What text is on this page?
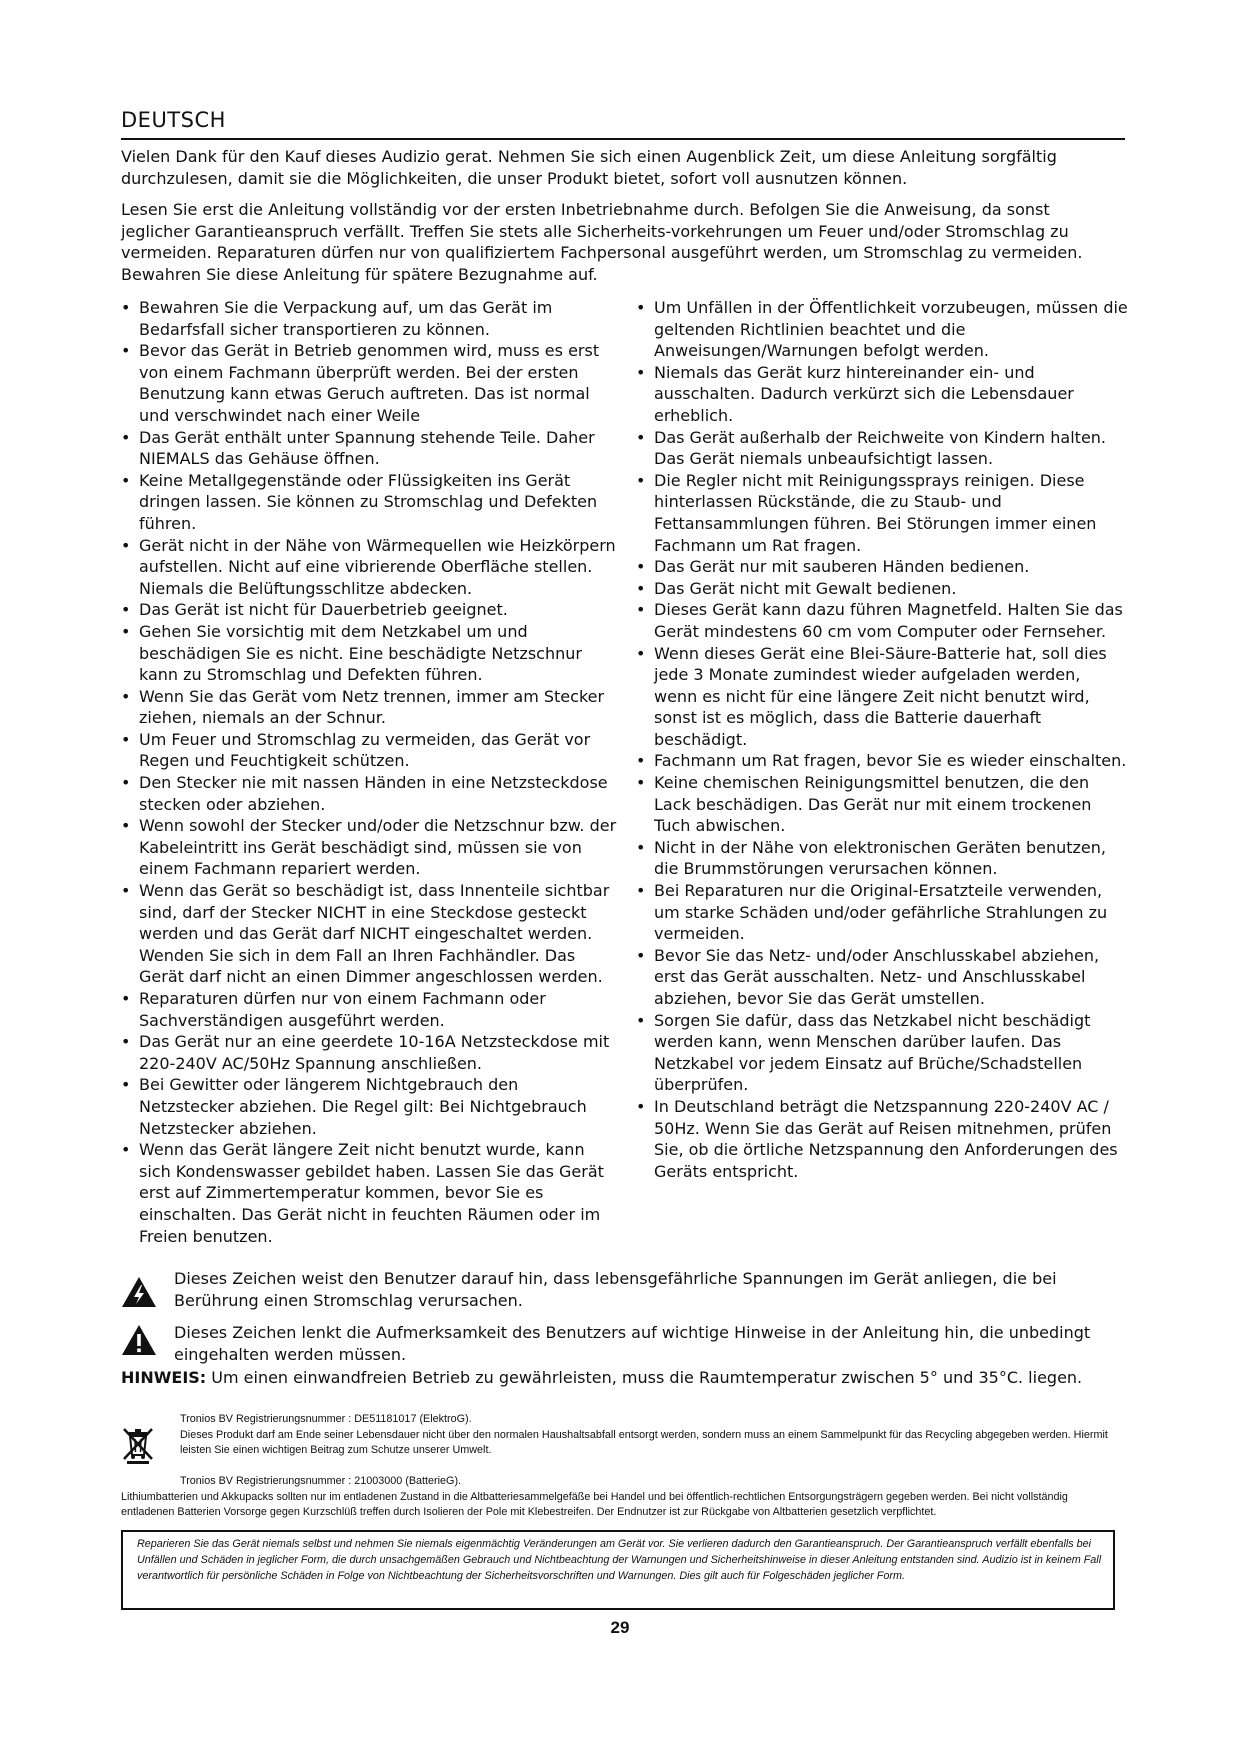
DEUTSCH
Vielen Dank für den Kauf dieses Audizio gerat. Nehmen Sie sich einen Augenblick Zeit, um diese Anleitung sorgfältig durchzulesen, damit sie die Möglichkeiten, die unser Produkt bietet, sofort voll ausnutzen können.
Lesen Sie erst die Anleitung vollständig vor der ersten Inbetriebnahme durch. Befolgen Sie die Anweisung, da sonst jeglicher Garantieanspruch verfällt. Treffen Sie stets alle Sicherheits-vorkehrungen um Feuer und/oder Stromschlag zu vermeiden. Reparaturen dürfen nur von qualifiziertem Fachpersonal ausgeführt werden, um Stromschlag zu vermeiden. Bewahren Sie diese Anleitung für spätere Bezugnahme auf.
• Bewahren Sie die Verpackung auf, um das Gerät im Bedarfsfall sicher transportieren zu können.
• Bevor das Gerät in Betrieb genommen wird, muss es erst von einem Fachmann überprüft werden. Bei der ersten Benutzung kann etwas Geruch auftreten. Das ist normal und verschwindet nach einer Weile
• Das Gerät enthält unter Spannung stehende Teile. Daher NIEMALS das Gehäuse öffnen.
• Keine Metallgegenstände oder Flüssigkeiten ins Gerät dringen lassen. Sie können zu Stromschlag und Defekten führen.
• Gerät nicht in der Nähe von Wärmequellen wie Heizkörpern aufstellen. Nicht auf eine vibrierende Oberfläche stellen. Niemals die Belüftungsschlitze abdecken.
• Das Gerät ist nicht für Dauerbetrieb geeignet.
• Gehen Sie vorsichtig mit dem Netzkabel um und beschädigen Sie es nicht. Eine beschädigte Netzschnur kann zu Stromschlag und Defekten führen.
• Wenn Sie das Gerät vom Netz trennen, immer am Stecker ziehen, niemals an der Schnur.
• Um Feuer und Stromschlag zu vermeiden, das Gerät vor Regen und Feuchtigkeit schützen.
• Den Stecker nie mit nassen Händen in eine Netzsteckdose stecken oder abziehen.
• Wenn sowohl der Stecker und/oder die Netzschnur bzw. der Kabeleintritt ins Gerät beschädigt sind, müssen sie von einem Fachmann repariert werden.
• Wenn das Gerät so beschädigt ist, dass Innenteile sichtbar sind, darf der Stecker NICHT in eine Steckdose gesteckt werden und das Gerät darf NICHT eingeschaltet werden. Wenden Sie sich in dem Fall an Ihren Fachhändler. Das Gerät darf nicht an einen Dimmer angeschlossen werden.
• Reparaturen dürfen nur von einem Fachmann oder Sachverständigen ausgeführt werden.
• Das Gerät nur an eine geerdete 10-16A Netzsteckdose mit 220-240V AC/50Hz Spannung anschließen.
• Bei Gewitter oder längerem Nichtgebrauch den Netzstecker abziehen. Die Regel gilt: Bei Nichtgebrauch Netzstecker abziehen.
• Wenn das Gerät längere Zeit nicht benutzt wurde, kann sich Kondenswasser gebildet haben. Lassen Sie das Gerät erst auf Zimmertemperatur kommen, bevor Sie es einschalten. Das Gerät nicht in feuchten Räumen oder im Freien benutzen.
• Um Unfällen in der Öffentlichkeit vorzubeugen, müssen die geltenden Richtlinien beachtet und die Anweisungen/Warnungen befolgt werden.
• Niemals das Gerät kurz hintereinander ein- und ausschalten. Dadurch verkürzt sich die Lebensdauer erheblich.
• Das Gerät außerhalb der Reichweite von Kindern halten. Das Gerät niemals unbeaufsichtigt lassen.
• Die Regler nicht mit Reinigungssprays reinigen. Diese hinterlassen Rückstände, die zu Staub- und Fettansammlungen führen. Bei Störungen immer einen Fachmann um Rat fragen.
• Das Gerät nur mit sauberen Händen bedienen.
• Das Gerät nicht mit Gewalt bedienen.
• Dieses Gerät kann dazu führen Magnetfeld. Halten Sie das Gerät mindestens 60 cm vom Computer oder Fernseher.
• Wenn dieses Gerät eine Blei-Säure-Batterie hat, soll dies jede 3 Monate zumindest wieder aufgeladen werden, wenn es nicht für eine längere Zeit nicht benutzt wird, sonst ist es möglich, dass die Batterie dauerhaft beschädigt.
• Fachmann um Rat fragen, bevor Sie es wieder einschalten.
• Keine chemischen Reinigungsmittel benutzen, die den Lack beschädigen. Das Gerät nur mit einem trockenen Tuch abwischen.
• Nicht in der Nähe von elektronischen Geräten benutzen, die Brummstörungen verursachen können.
• Bei Reparaturen nur die Original-Ersatzteile verwenden, um starke Schäden und/oder gefährliche Strahlungen zu vermeiden.
• Bevor Sie das Netz- und/oder Anschlusskabel abziehen, erst das Gerät ausschalten. Netz- und Anschlusskabel abziehen, bevor Sie das Gerät umstellen.
• Sorgen Sie dafür, dass das Netzkabel nicht beschädigt werden kann, wenn Menschen darüber laufen. Das Netzkabel vor jedem Einsatz auf Brüche/Schadstellen überprüfen.
• In Deutschland beträgt die Netzspannung 220-240V AC / 50Hz. Wenn Sie das Gerät auf Reisen mitnehmen, prüfen Sie, ob die örtliche Netzspannung den Anforderungen des Geräts entspricht.
Dieses Zeichen weist den Benutzer darauf hin, dass lebensgefährliche Spannungen im Gerät anliegen, die bei Berührung einen Stromschlag verursachen.
Dieses Zeichen lenkt die Aufmerksamkeit des Benutzers auf wichtige Hinweise in der Anleitung hin, die unbedingt eingehalten werden müssen.
HINWEIS: Um einen einwandfreien Betrieb zu gewährleisten, muss die Raumtemperatur zwischen 5° und 35°C. liegen.
Tronios BV Registrierungsnummer : DE51181017 (ElektroG).
Dieses Produkt darf am Ende seiner Lebensdauer nicht über den normalen Haushaltsabfall entsorgt werden, sondern muss an einem Sammelpunkt für das Recycling abgegeben werden. Hiermit leisten Sie einen wichtigen Beitrag zum Schutze unserer Umwelt.
Tronios BV Registrierungsnummer : 21003000 (BatterieG).
Lithiumbatterien und Akkupacks sollten nur im entladenen Zustand in die Altbatteriesammelgefäße bei Handel und bei öffentlich-rechtlichen Entsorgungsträgern gegeben werden. Bei nicht vollständig entladenen Batterien Vorsorge gegen Kurzschlüß treffen durch Isolieren der Pole mit Klebestreifen. Der Endnutzer ist zur Rückgabe von Altbatterien gesetzlich verpflichtet.
Reparieren Sie das Gerät niemals selbst und nehmen Sie niemals eigenmächtig Veränderungen am Gerät vor. Sie verlieren dadurch den Garantieanspruch. Der Garantieanspruch verfällt ebenfalls bei Unfällen und Schäden in jeglicher Form, die durch unsachgemäßen Gebrauch und Nichtbeachtung der Warnungen und Sicherheitshinweise in dieser Anleitung entstanden sind. Audizio ist in keinem Fall verantwortlich für persönliche Schäden in Folge von Nichtbeachtung der Sicherheitsvorschriften und Warnungen. Dies gilt auch für Folgeschäden jeglicher Form.
29
